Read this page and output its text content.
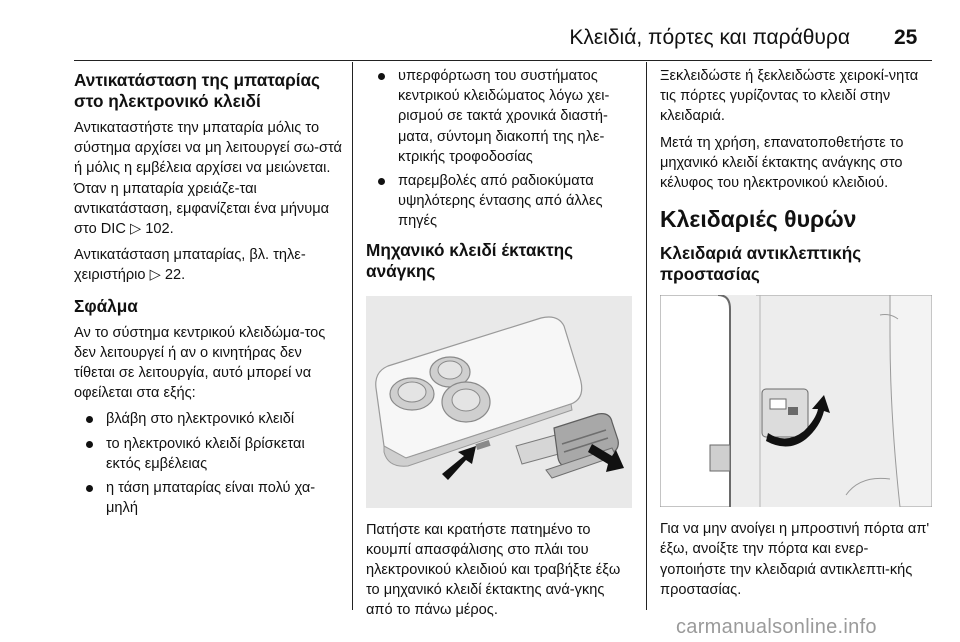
Κλειδιά, πόρτες και παράθυρα 25
Αντικατάσταση της μπαταρίας στο ηλεκτρονικό κλειδί

Αντικαταστήστε την μπαταρία μόλις το σύστημα αρχίσει να μη λειτουργεί σω-στά ή μόλις η εμβέλεια αρχίσει να μειώνεται. Όταν η μπαταρία χρειάζε-ται αντικατάσταση, εμφανίζεται ένα μήνυμα στο DIC ▷ 102.

Αντικατάσταση μπαταρίας, βλ. τηλε-χειριστήριο ▷ 22.

Σφάλμα

Αν το σύστημα κεντρικού κλειδώμα-τος δεν λειτουργεί ή αν ο κινητήρας δεν τίθεται σε λειτουργία, αυτό μπορεί να οφείλεται στα εξής:

βλάβη στο ηλεκτρονικό κλειδί
το ηλεκτρονικό κλειδί βρίσκεται εκτός εμβέλειας
η τάση μπαταρίας είναι πολύ χα-μηλή
υπερφόρτωση του συστήματος κεντρικού κλειδώματος λόγω χει-ρισμού σε τακτά χρονικά διαστή-ματα, σύντομη διακοπή της ηλε-κτρικής τροφοδοσίας
παρεμβολές από ραδιοκύματα υψηλότερης έντασης από άλλες πηγές
Μηχανικό κλειδί έκτακτης ανάγκης

Πατήστε και κρατήστε πατημένο το κουμπί απασφάλισης στο πλάι του ηλεκτρονικού κλειδιού και τραβήξτε έξω το μηχανικό κλειδί έκτακτης ανά-γκης από το πάνω μέρος.

Ξεκλειδώστε ή ξεκλειδώστε χειροκί-νητα τις πόρτες γυρίζοντας το κλειδί στην κλειδαριά.

Μετά τη χρήση, επανατοποθετήστε το μηχανικό κλειδί έκτακτης ανάγκης στο κέλυφος του ηλεκτρονικού κλειδιού.

Κλειδαριές θυρών
Κλειδαριά αντικλεπτικής προστασίας

Για να μην ανοίγει η μπροστινή πόρτα απ' έξω, ανοίξτε την πόρτα και ενερ-γοποιήστε την κλειδαριά αντικλεπτι-κής προστασίας.

carmanualsonline.info
